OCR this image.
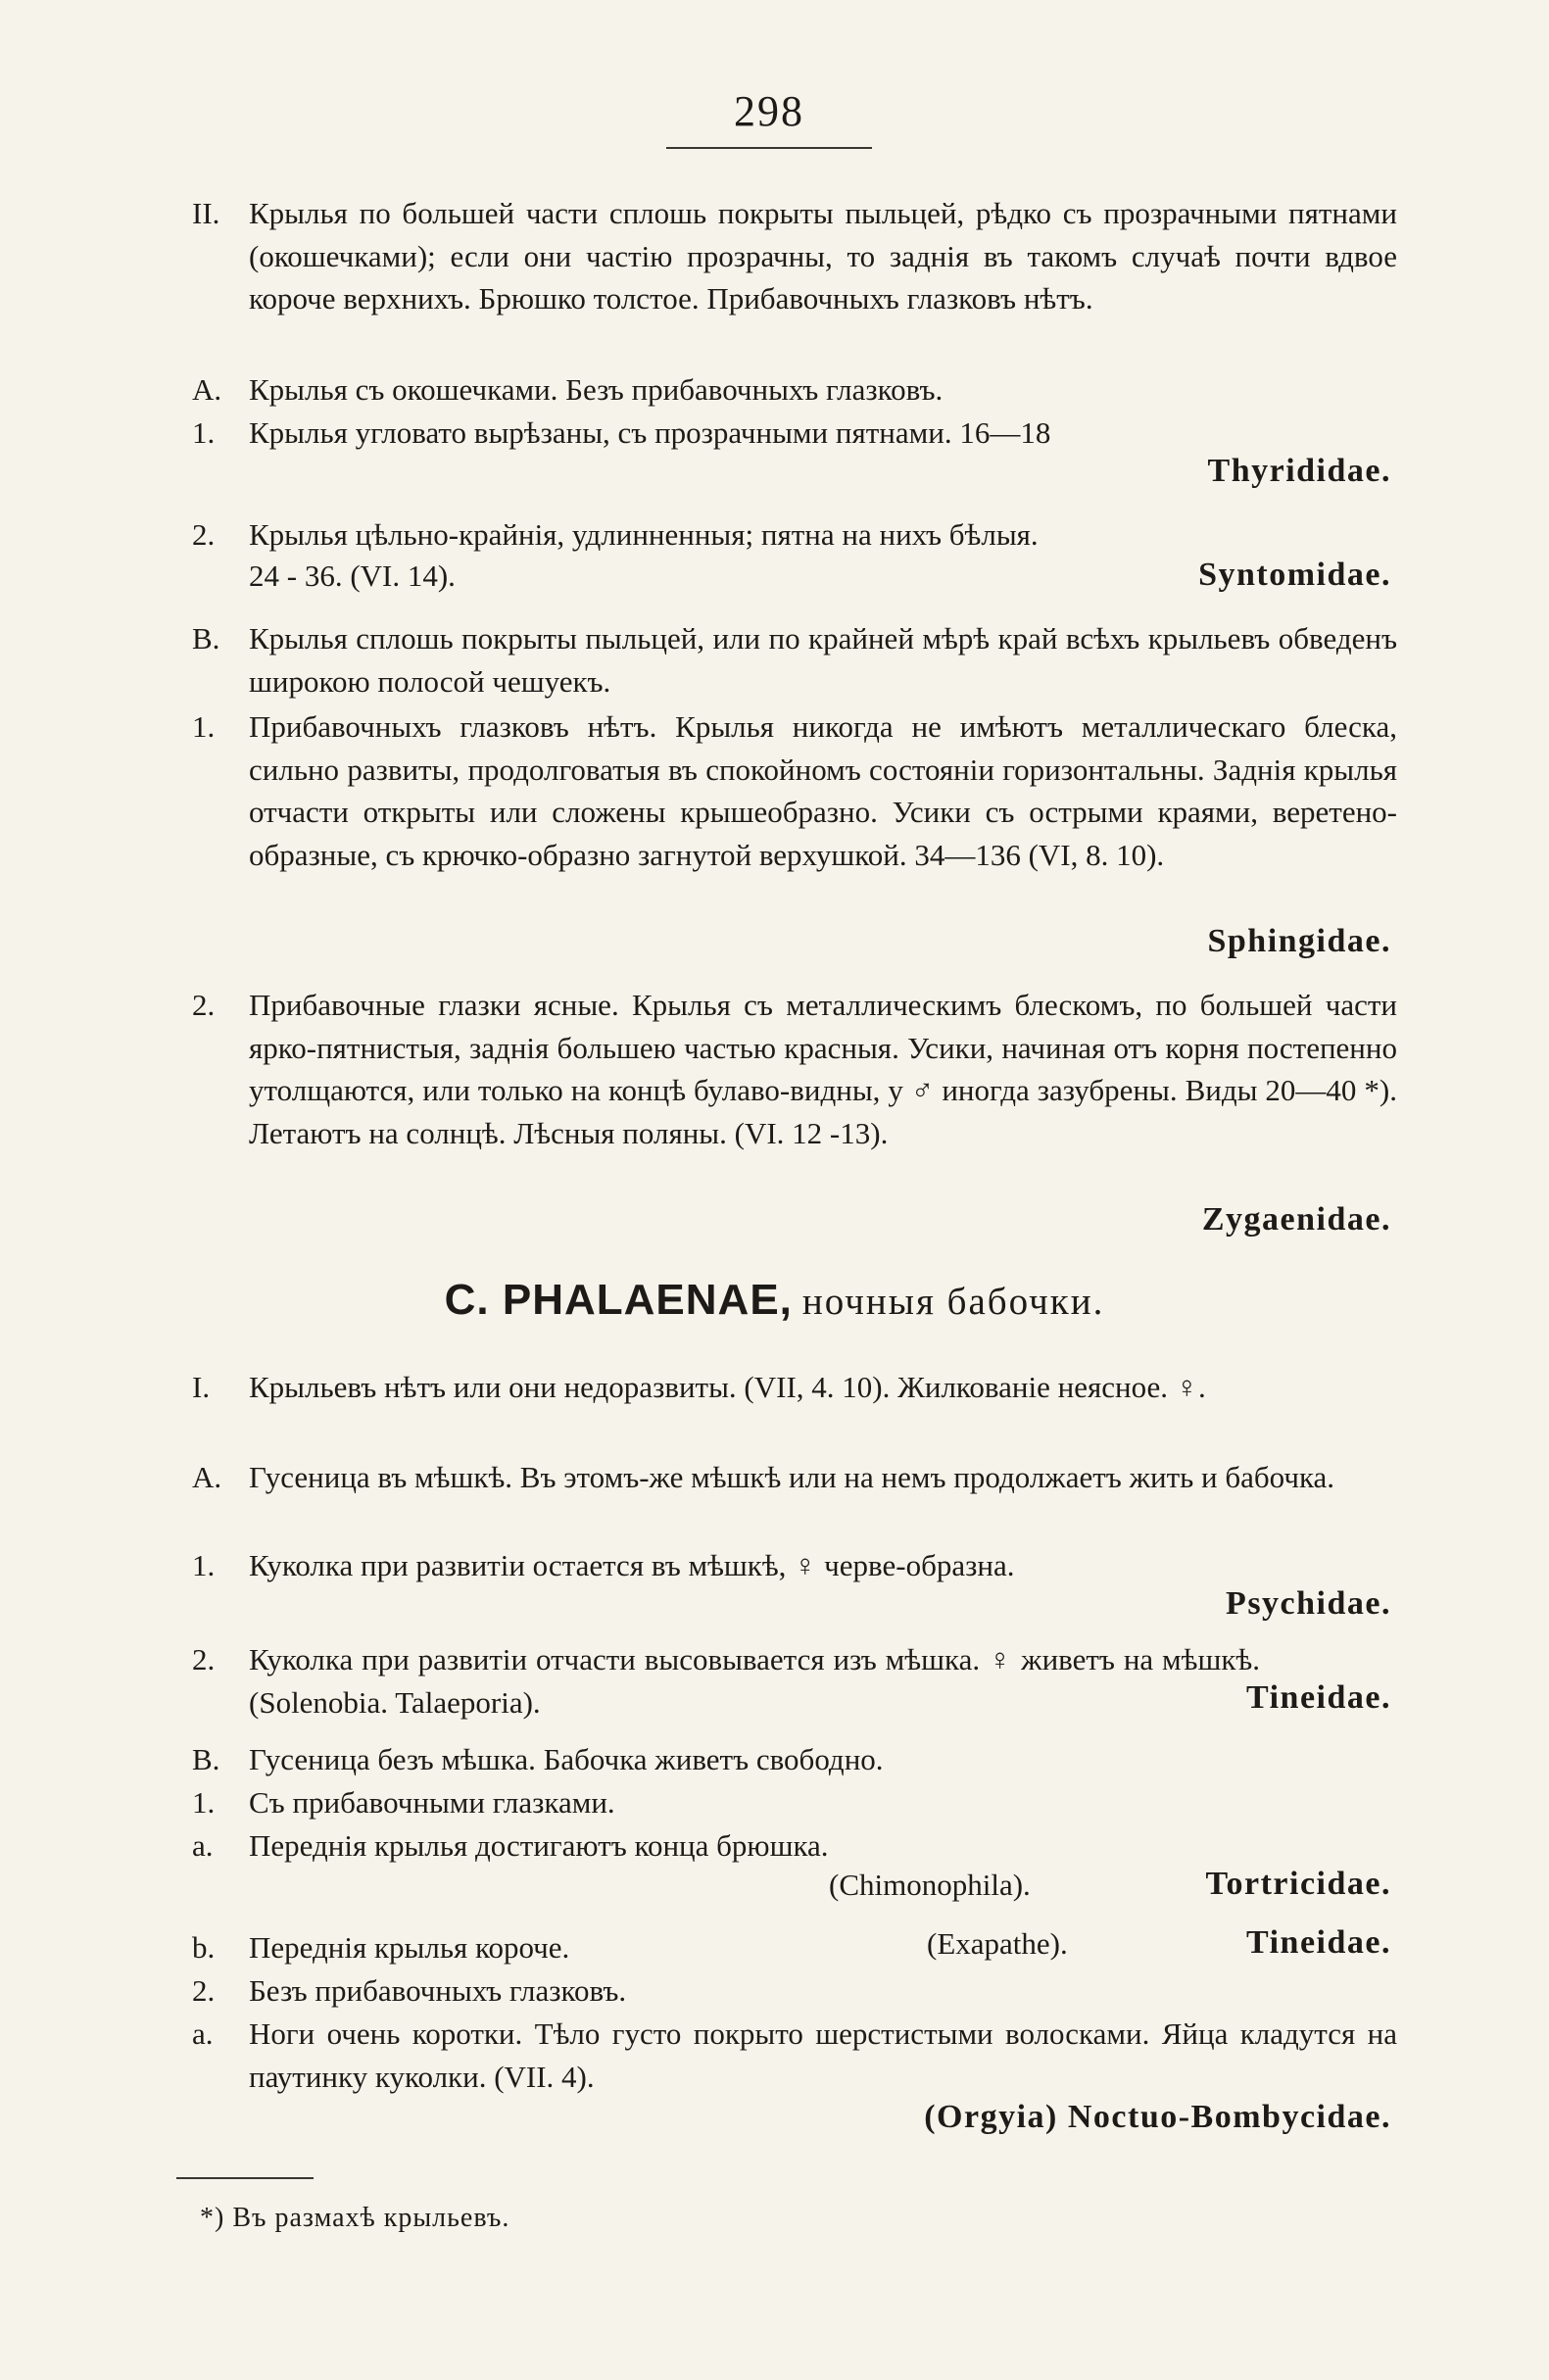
298
II. Крылья по большей части сплошь покрыты пыльцей, рѣдко съ прозрачными пятнами (окошечками); если они частію прозрачны, то заднія въ такомъ случаѣ почти вдвое короче верхнихъ. Брюшко толстое. Прибавочныхъ глазковъ нѣтъ.
A. Крылья съ окошечками. Безъ прибавочныхъ глазковъ.
1.	Крылья угловато вырѣзаны, съ прозрачными пятнами. 16—18
Thyrididae.
2.	Крылья цѣльно-крайнія, удлинненныя; пятна на нихъ бѣлыя.
24 - 36. (VI. 14).	Syntomidae.
B. Крылья сплошь покрыты пыльцей, или по крайней мѣрѣ край всѣхъ крыльевъ обведенъ широкою полосой чешуекъ.
1.	Прибавочныхъ глазковъ нѣтъ. Крылья никогда не имѣютъ металлическаго блеска, сильно развиты, продолговатыя въ спокойномъ состояніи горизонтальны. Заднія крылья отчасти открыты или сложены крышеобразно. Усики съ острыми краями, веретено-образные, съ крючко-образно загнутой верхушкой. 34—136 (VI, 8. 10).
Sphingidae.
2.	Прибавочные глазки ясные. Крылья съ металлическимъ блескомъ, по большей части ярко-пятнистыя, заднія большею частью красныя. Усики, начиная отъ корня постепенно утолщаются, или только на концѣ булаво-видны, у ♂ иногда зазубрены. Виды 20—40 *). Летаютъ на солнцѣ. Лѣсныя поляны. (VI. 12 -13).
Zygaenidae.
C. PHALAENAE, ночныя бабочки.
I.	Крыльевъ нѣтъ или они недоразвиты. (VII, 4. 10). Жилкованіе неясное. ♀.
A. Гусеница въ мѣшкѣ. Въ этомъ-же мѣшкѣ или на немъ продолжаетъ жить и бабочка.
1.	Куколка при развитіи остается въ мѣшкѣ, ♀ черве-образна.
Psychidae.
2.	Куколка при развитіи отчасти высовывается изъ мѣшка. ♀ живетъ на мѣшкѣ. (Solenobia. Talaeporia).	Tineidae.
B. Гусеница безъ мѣшка. Бабочка живетъ свободно.
1.	Съ прибавочными глазками.
a.	Переднія крылья достигаютъ конца брюшка.
(Chimonophila).	Tortricidae.
b.	Переднія крылья короче.	(Exapathe).	Tineidae.
2.	Безъ прибавочныхъ глазковъ.
a.	Ноги очень коротки. Тѣло густо покрыто шерстистыми волосками. Яйца кладутся на паутинку куколки. (VII. 4).
(Orgyia) Noctuo-Bombycidae.
*) Въ размахѣ крыльевъ.
